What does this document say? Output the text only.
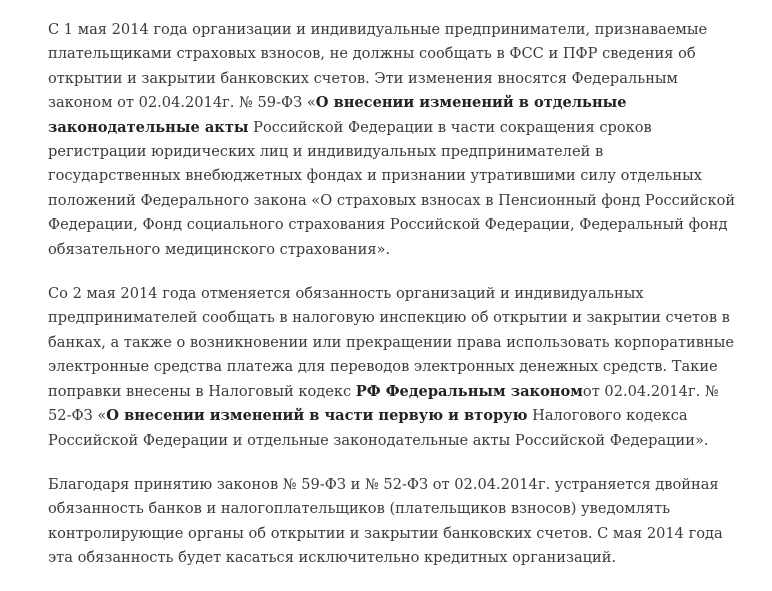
С 1 мая 2014 года организации и индивидуальные предприниматели, признаваемые плательщиками страховых взносов, не должны сообщать в ФСС и ПФР сведения об открытии и закрытии банковских счетов. Эти изменения вносятся Федеральным законом от 02.04.2014г. № 59-ФЗ «О внесении изменений в отдельные законодательные акты Российской Федерации в части сокращения сроков регистрации юридических лиц и индивидуальных предпринимателей в государственных внебюджетных фондах и признании утратившими силу отдельных положений Федерального закона «О страховых взносах в Пенсионный фонд Российской Федерации, Фонд социального страхования Российской Федерации, Федеральный фонд обязательного медицинского страхования».

Со 2 мая 2014 года отменяется обязанность организаций и индивидуальных предпринимателей сообщать в налоговую инспекцию об открытии и закрытии счетов в банках, а также о возникновении или прекращении права использовать корпоративные электронные средства платежа для переводов электронных денежных средств. Такие поправки внесены в Налоговый кодекс РФ Федеральным закономот 02.04.2014г. № 52-ФЗ «О внесении изменений в части первую и вторую Налогового кодекса Российской Федерации и отдельные законодательные акты Российской Федерации».

Благодаря принятию законов № 59-ФЗ и № 52-ФЗ от 02.04.2014г. устраняется двойная обязанность банков и налогоплательщиков (плательщиков взносов) уведомлять контролирующие органы об открытии и закрытии банковских счетов. С мая 2014 года эта обязанность будет касаться исключительно кредитных организаций.
